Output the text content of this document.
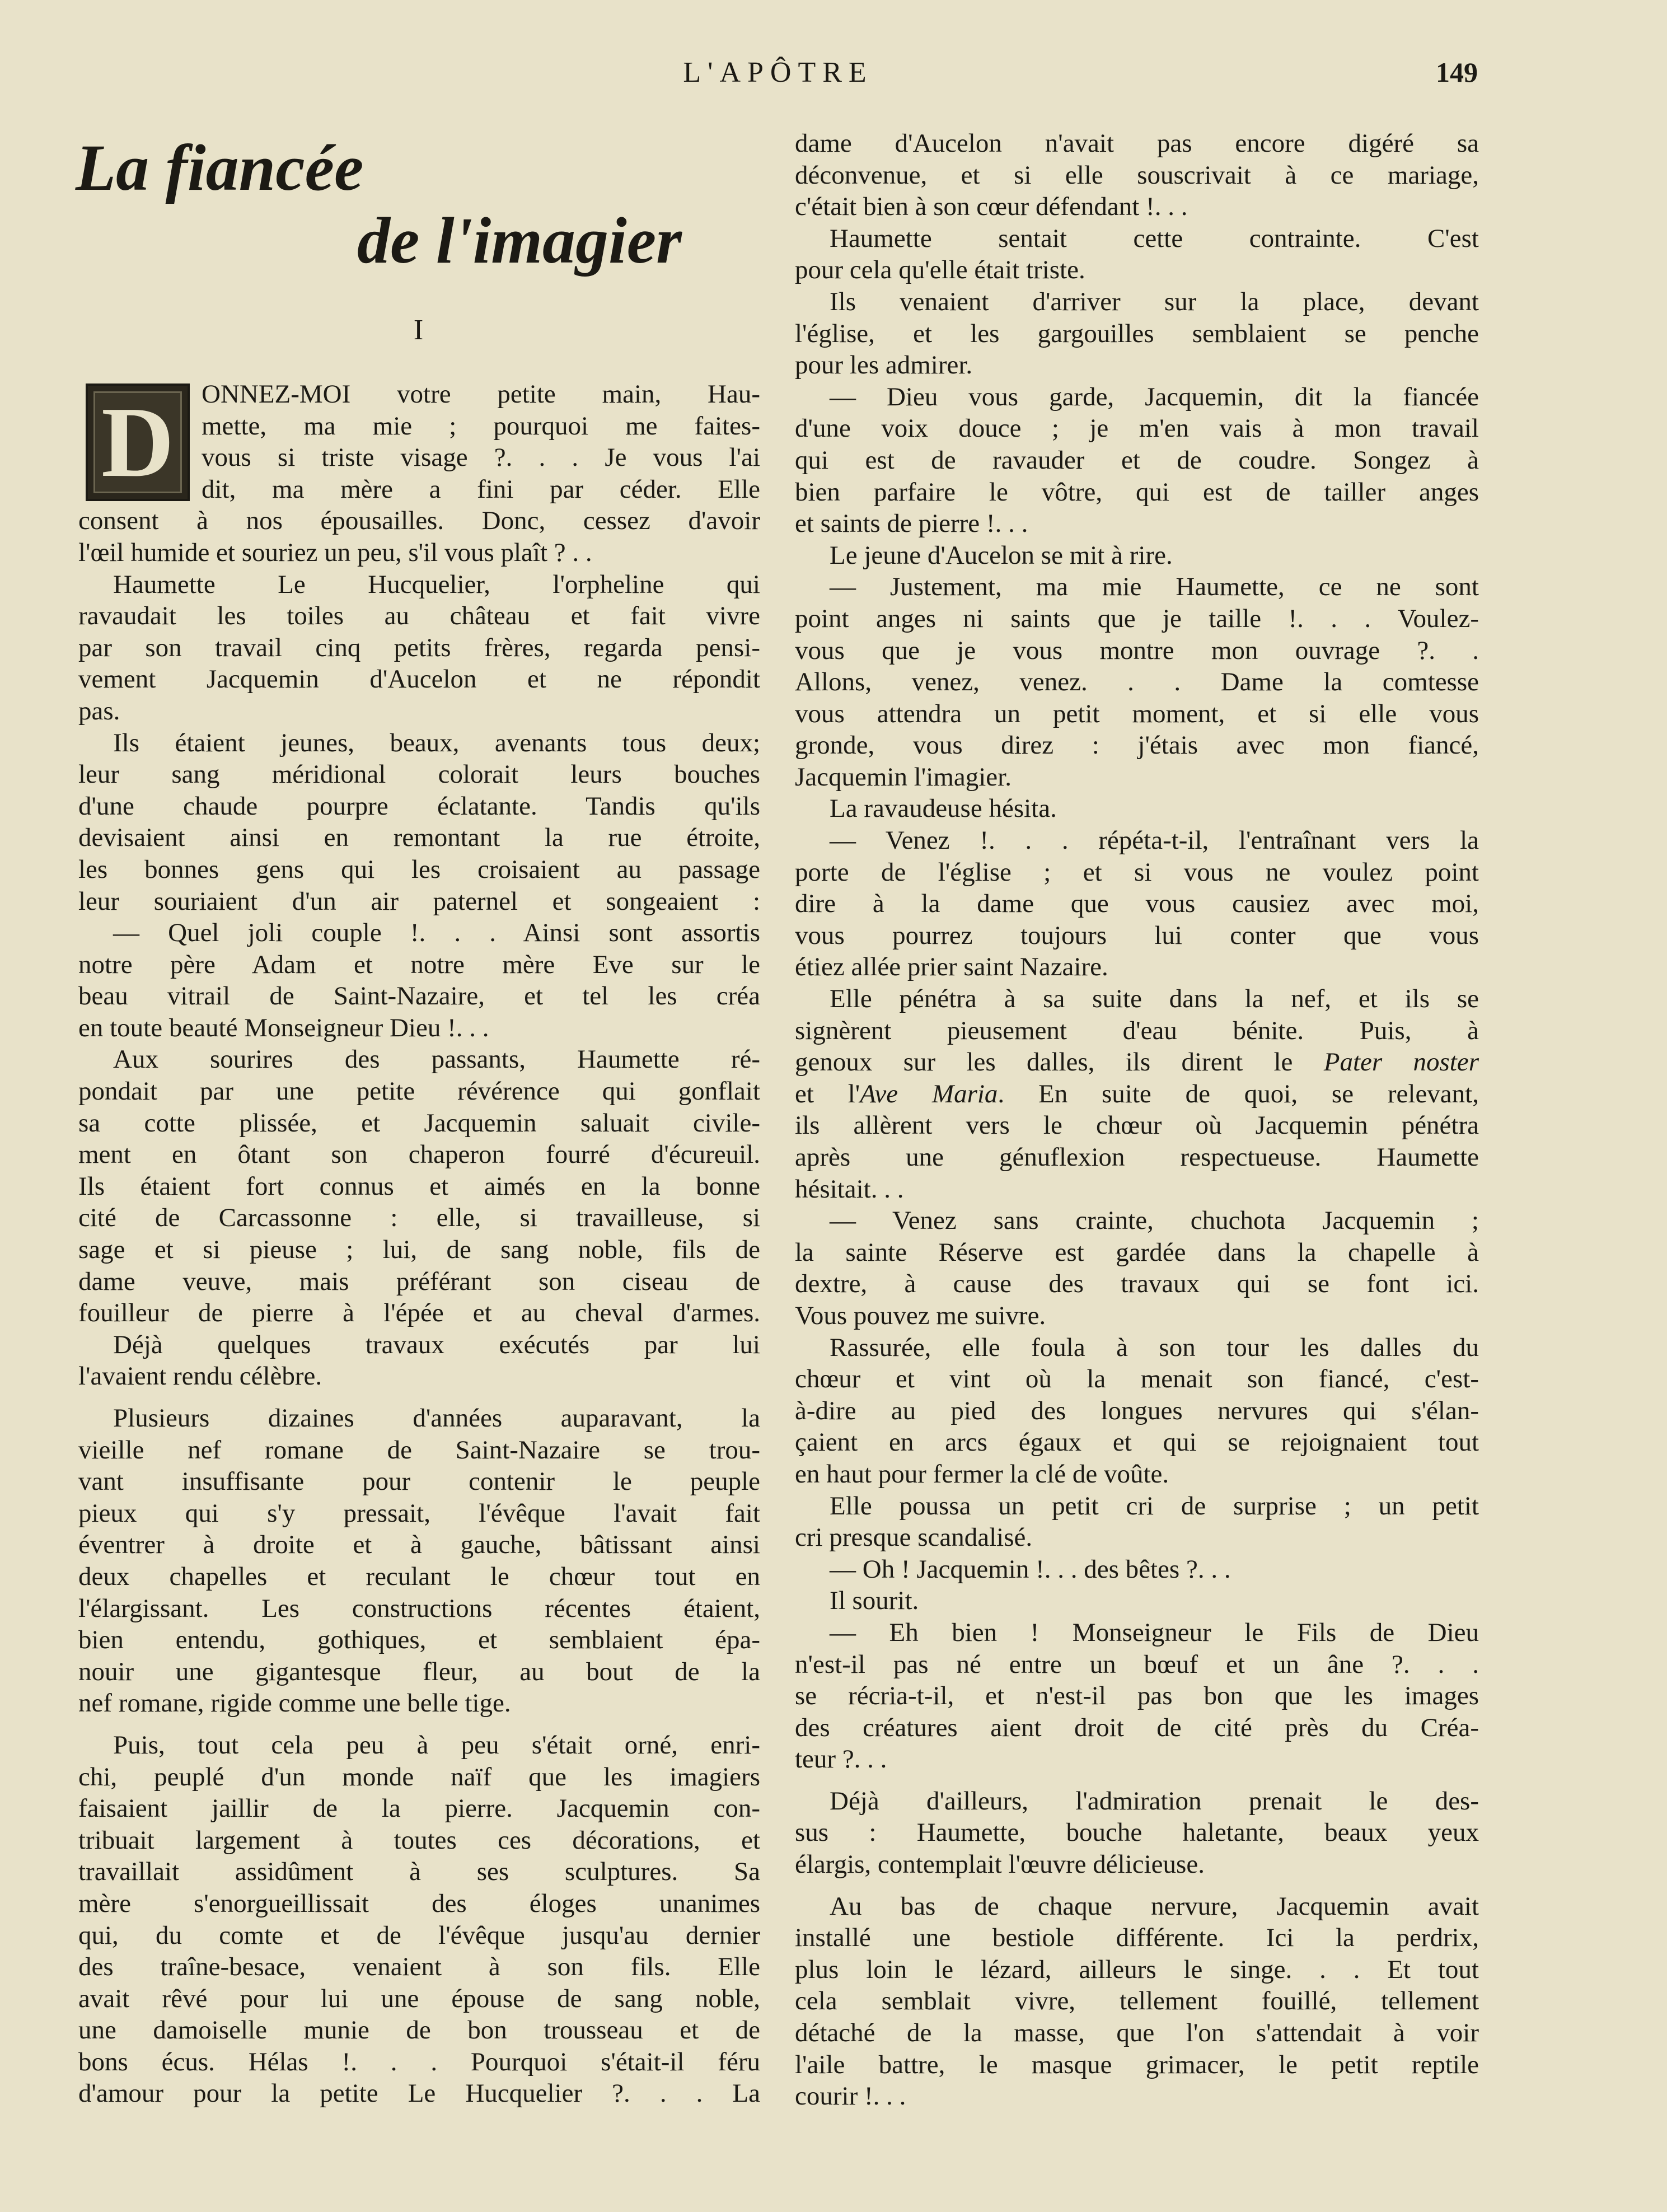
L'APÔTRE	149
La fiancée
de l'imagier
I
D	ONNEZ-MOI votre petite main, Hau-
mette, ma mie ; pourquoi me faites-
vous si triste visage ?. . . Je vous l'ai
dit, ma mère a fini par céder. Elle
consent à nos épousailles. Donc, cessez d'avoir
l'œil humide et souriez un peu, s'il vous plaît ? . .
Haumette Le Hucquelier, l'orpheline qui
ravaudait les toiles au château et fait vivre
par son travail cinq petits frères, regarda pensi-
vement Jacquemin d'Aucelon et ne répondit
pas.
Ils étaient jeunes, beaux, avenants tous deux;
leur sang méridional colorait leurs bouches
d'une chaude pourpre éclatante. Tandis qu'ils
devisaient ainsi en remontant la rue étroite,
les bonnes gens qui les croisaient au passage
leur souriaient d'un air paternel et songeaient :
— Quel joli couple !. . . Ainsi sont assortis
notre père Adam et notre mère Eve sur le
beau vitrail de Saint-Nazaire, et tel les créa
en toute beauté Monseigneur Dieu !. . .
Aux sourires des passants, Haumette ré-
pondait par une petite révérence qui gonflait
sa cotte plissée, et Jacquemin saluait civile-
ment en ôtant son chaperon fourré d'écureuil.
Ils étaient fort connus et aimés en la bonne
cité de Carcassonne : elle, si travailleuse, si
sage et si pieuse ; lui, de sang noble, fils de
dame veuve, mais préférant son ciseau de
fouilleur de pierre à l'épée et au cheval d'armes.
Déjà quelques travaux exécutés par lui
l'avaient rendu célèbre.
Plusieurs dizaines d'années auparavant, la
vieille nef romane de Saint-Nazaire se trou-
vant insuffisante pour contenir le peuple
pieux qui s'y pressait, l'évêque l'avait fait
éventrer à droite et à gauche, bâtissant ainsi
deux chapelles et reculant le chœur tout en
l'élargissant. Les constructions récentes étaient,
bien entendu, gothiques, et semblaient épa-
nouir une gigantesque fleur, au bout de la
nef romane, rigide comme une belle tige.
Puis, tout cela peu à peu s'était orné, enri-
chi, peuplé d'un monde naïf que les imagiers
faisaient jaillir de la pierre. Jacquemin con-
tribuait largement à toutes ces décorations, et
travaillait assidûment à ses sculptures. Sa
mère s'enorgueillissait des éloges unanimes
qui, du comte et de l'évêque jusqu'au dernier
des traîne-besace, venaient à son fils. Elle
avait rêvé pour lui une épouse de sang noble,
une damoiselle munie de bon trousseau et de
bons écus. Hélas !. . . Pourquoi s'était-il féru
d'amour pour la petite Le Hucquelier ?. . . La
dame d'Aucelon n'avait pas encore digéré sa
déconvenue, et si elle souscrivait à ce mariage,
c'était bien à son cœur défendant !. . .
Haumette sentait cette contrainte. C'est
pour cela qu'elle était triste.
Ils venaient d'arriver sur la place, devant
l'église, et les gargouilles semblaient se penche
pour les admirer.
— Dieu vous garde, Jacquemin, dit la fiancée
d'une voix douce ; je m'en vais à mon travail
qui est de ravauder et de coudre. Songez à
bien parfaire le vôtre, qui est de tailler anges
et saints de pierre !. . .
Le jeune d'Aucelon se mit à rire.
— Justement, ma mie Haumette, ce ne sont
point anges ni saints que je taille !. . . Voulez-
vous que je vous montre mon ouvrage ?. .
Allons, venez, venez. . . Dame la comtesse
vous attendra un petit moment, et si elle vous
gronde, vous direz : j'étais avec mon fiancé,
Jacquemin l'imagier.
La ravaudeuse hésita.
— Venez !. . . répéta-t-il, l'entraînant vers la
porte de l'église ; et si vous ne voulez point
dire à la dame que vous causiez avec moi,
vous pourrez toujours lui conter que vous
étiez allée prier saint Nazaire.
Elle pénétra à sa suite dans la nef, et ils se
signèrent pieusement d'eau bénite. Puis, à
genoux sur les dalles, ils dirent le Pater noster
et l'Ave Maria. En suite de quoi, se relevant,
ils allèrent vers le chœur où Jacquemin pénétra
après une génuflexion respectueuse. Haumette
hésitait. . .
— Venez sans crainte, chuchota Jacquemin ;
la sainte Réserve est gardée dans la chapelle à
dextre, à cause des travaux qui se font ici.
Vous pouvez me suivre.
Rassurée, elle foula à son tour les dalles du
chœur et vint où la menait son fiancé, c'est-
à-dire au pied des longues nervures qui s'élan-
çaient en arcs égaux et qui se rejoignaient tout
en haut pour fermer la clé de voûte.
Elle poussa un petit cri de surprise ; un petit
cri presque scandalisé.
— Oh ! Jacquemin !. . . des bêtes ?. . .
Il sourit.
— Eh bien ! Monseigneur le Fils de Dieu
n'est-il pas né entre un bœuf et un âne ?. . .
se récria-t-il, et n'est-il pas bon que les images
des créatures aient droit de cité près du Créa-
teur ?. . .
Déjà d'ailleurs, l'admiration prenait le des-
sus : Haumette, bouche haletante, beaux yeux
élargis, contemplait l'œuvre délicieuse.
Au bas de chaque nervure, Jacquemin avait
installé une bestiole différente. Ici la perdrix,
plus loin le lézard, ailleurs le singe. . . Et tout
cela semblait vivre, tellement fouillé, tellement
détaché de la masse, que l'on s'attendait à voir
l'aile battre, le masque grimacer, le petit reptile
courir !. . .
